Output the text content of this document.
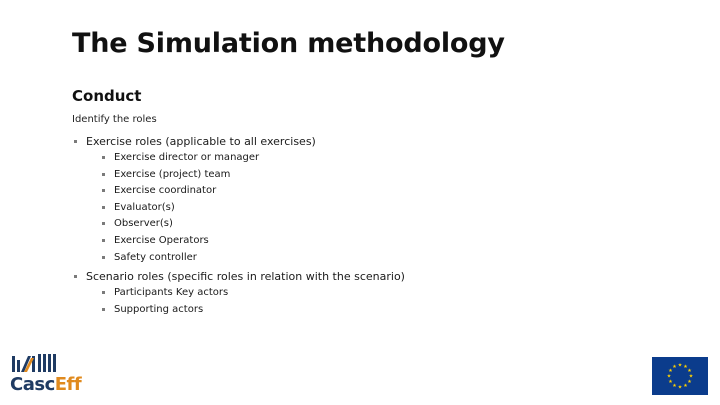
The Simulation methodology
Conduct
Identify the roles
Exercise roles (applicable to all exercises)
Exercise director or manager
Exercise (project) team
Exercise coordinator
Evaluator(s)
Observer(s)
Exercise Operators
Safety controller
Scenario roles (specific roles in relation with the scenario)
Participants Key actors
Supporting actors
CascEff
★ ★
★
★
★
★
★
★
★
★
★
★
